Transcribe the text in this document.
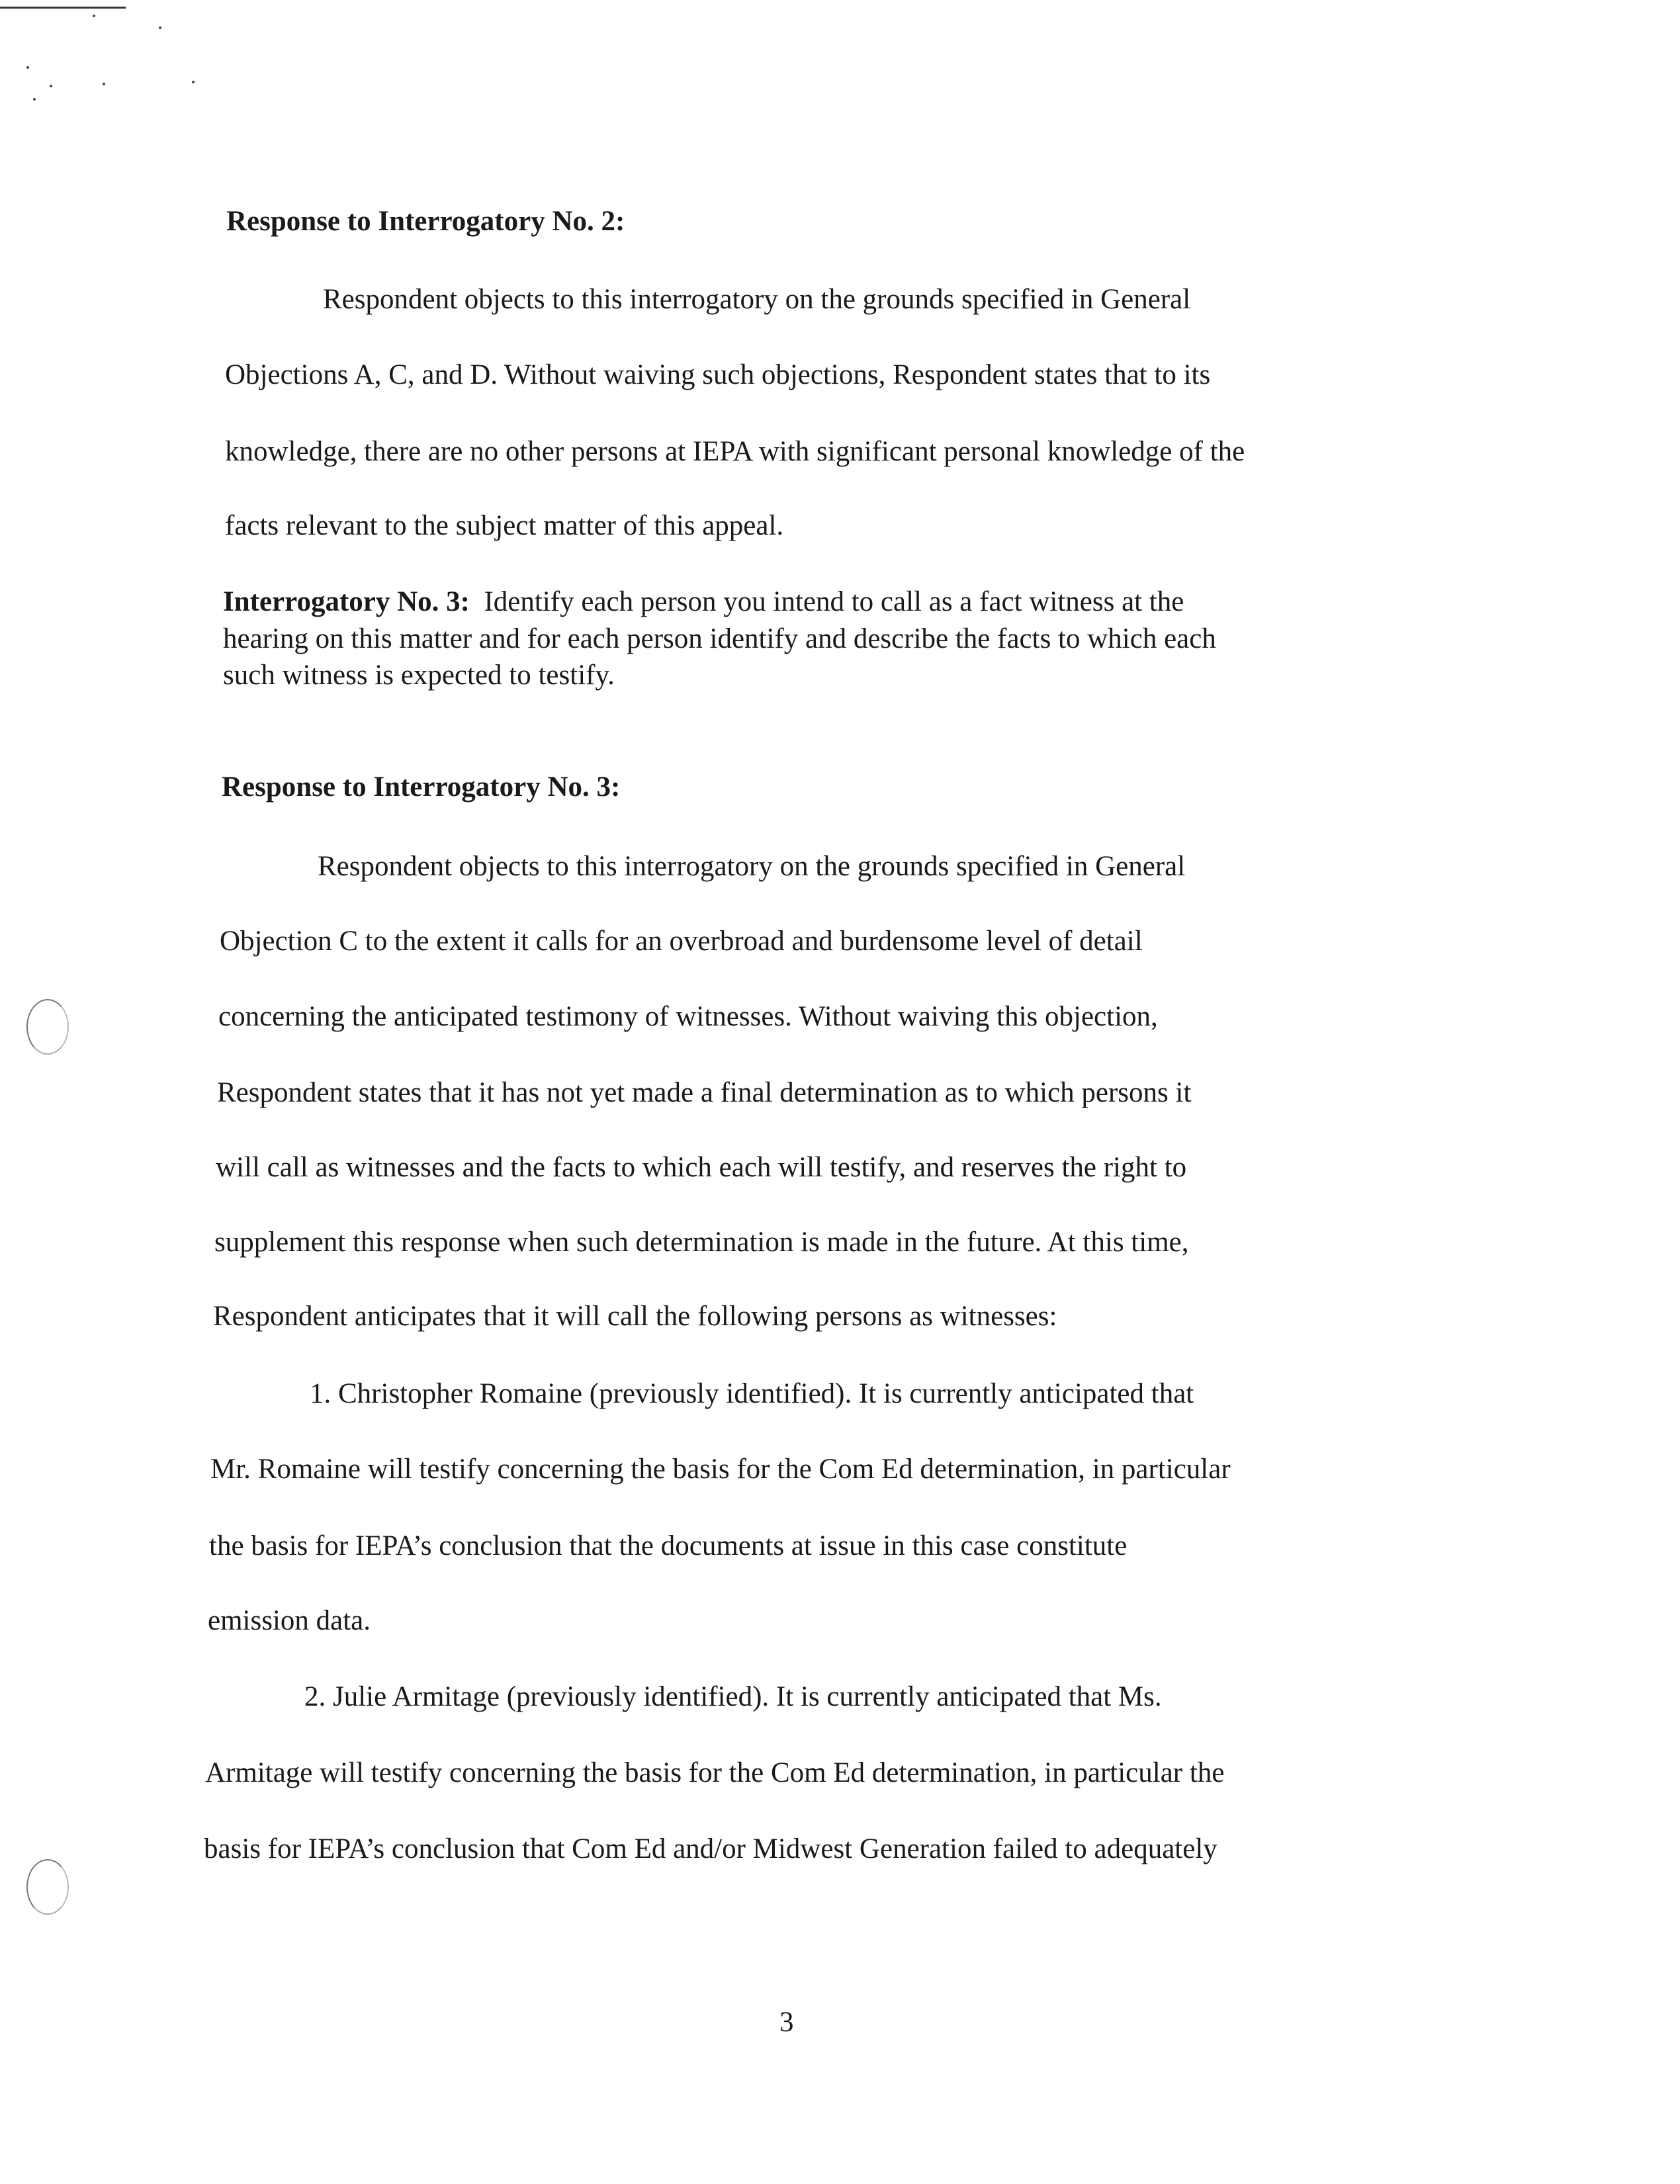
Response to Interrogatory No. 2:
Respondent objects to this interrogatory on the grounds specified in General
Objections A, C, and D. Without waiving such objections, Respondent states that to its
knowledge, there are no other persons at IEPA with significant personal knowledge of the
facts relevant to the subject matter of this appeal.
Interrogatory No. 3: Identify each person you intend to call as a fact witness at the
hearing on this matter and for each person identify and describe the facts to which each
such witness is expected to testify.
Response to Interrogatory No. 3:
Respondent objects to this interrogatory on the grounds specified in General
Objection C to the extent it calls for an overbroad and burdensome level of detail
concerning the anticipated testimony of witnesses. Without waiving this objection,
Respondent states that it has not yet made a final determination as to which persons it
will call as witnesses and the facts to which each will testify, and reserves the right to
supplement this response when such determination is made in the future. At this time,
Respondent anticipates that it will call the following persons as witnesses:
1. Christopher Romaine (previously identified). It is currently anticipated that
Mr. Romaine will testify concerning the basis for the Com Ed determination, in particular
the basis for IEPA’s conclusion that the documents at issue in this case constitute
emission data.
2. Julie Armitage (previously identified). It is currently anticipated that Ms.
Armitage will testify concerning the basis for the Com Ed determination, in particular the
basis for IEPA’s conclusion that Com Ed and/or Midwest Generation failed to adequately
3
